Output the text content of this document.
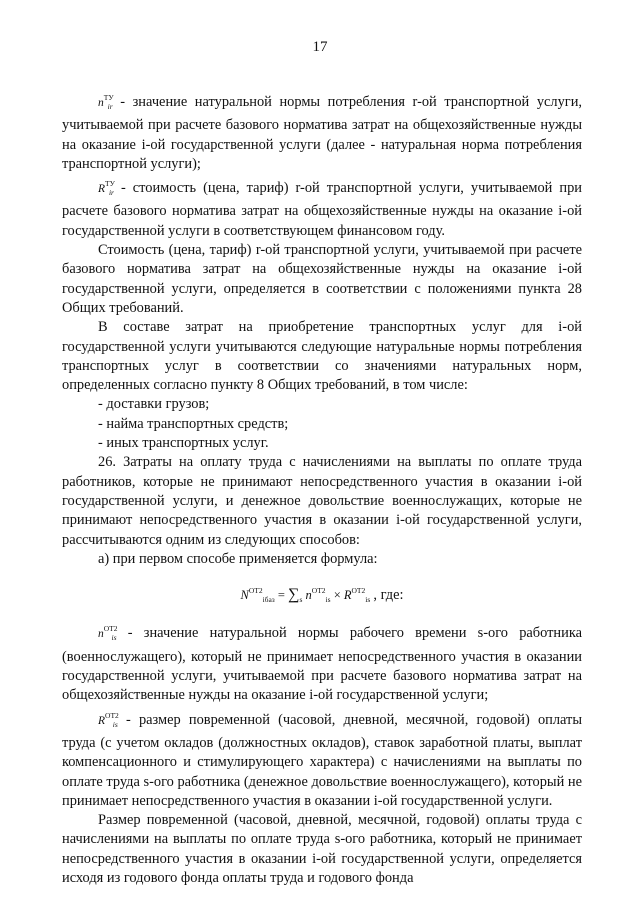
17

$n^{ТУ}_{ir}$ - значение натуральной нормы потребления r-ой транспортной услуги, учитываемой при расчете базового норматива затрат на общехозяйственные нужды на оказание i-ой государственной услуги (далее - натуральная норма потребления транспортной услуги);

$R^{ТУ}_{ir}$ - стоимость (цена, тариф) r-ой транспортной услуги, учитываемой при расчете базового норматива затрат на общехозяйственные нужды на оказание i-ой государственной услуги в соответствующем финансовом году.

Стоимость (цена, тариф) r-ой транспортной услуги, учитываемой при расчете базового норматива затрат на общехозяйственные нужды на оказание i-ой государственной услуги, определяется в соответствии с положениями пункта 28 Общих требований.

В составе затрат на приобретение транспортных услуг для i-ой государственной услуги учитываются следующие натуральные нормы потребления транспортных услуг в соответствии со значениями натуральных норм, определенных согласно пункту 8 Общих требований, в том числе:

- доставки грузов;

- найма транспортных средств;

- иных транспортных услуг.

26. Затраты на оплату труда с начислениями на выплаты по оплате труда работников, которые не принимают непосредственного участия в оказании i-ой государственной услуги, и денежное довольствие военнослужащих, которые не принимают непосредственного участия в оказании i-ой государственной услуги, рассчитываются одним из следующих способов:

а) при первом способе применяется формула:

$N^{ОТ2}_{iбаз} = \sum_s$ $n^{ОТ2}_{is} \times R^{ОТ2}_{is}$ , где:

$n^{ОТ2}_{is}$ - значение натуральной нормы рабочего времени s-ого работника (военнослужащего), который не принимает непосредственного участия в оказании государственной услуги, учитываемой при расчете базового норматива затрат на общехозяйственные нужды на оказание i-ой государственной услуги;

$R^{ОТ2}_{is}$ - размер повременной (часовой, дневной, месячной, годовой) оплаты труда (с учетом окладов (должностных окладов), ставок заработной платы, выплат компенсационного и стимулирующего характера) с начислениями на выплаты по оплате труда s-ого работника (денежное довольствие военнослужащего), который не принимает непосредственного участия в оказании i-ой государственной услуги.

Размер повременной (часовой, дневной, месячной, годовой) оплаты труда с начислениями на выплаты по оплате труда s-ого работника, который не принимает непосредственного участия в оказании i-ой государственной услуги, определяется исходя из годового фонда оплаты труда и годового фонда
